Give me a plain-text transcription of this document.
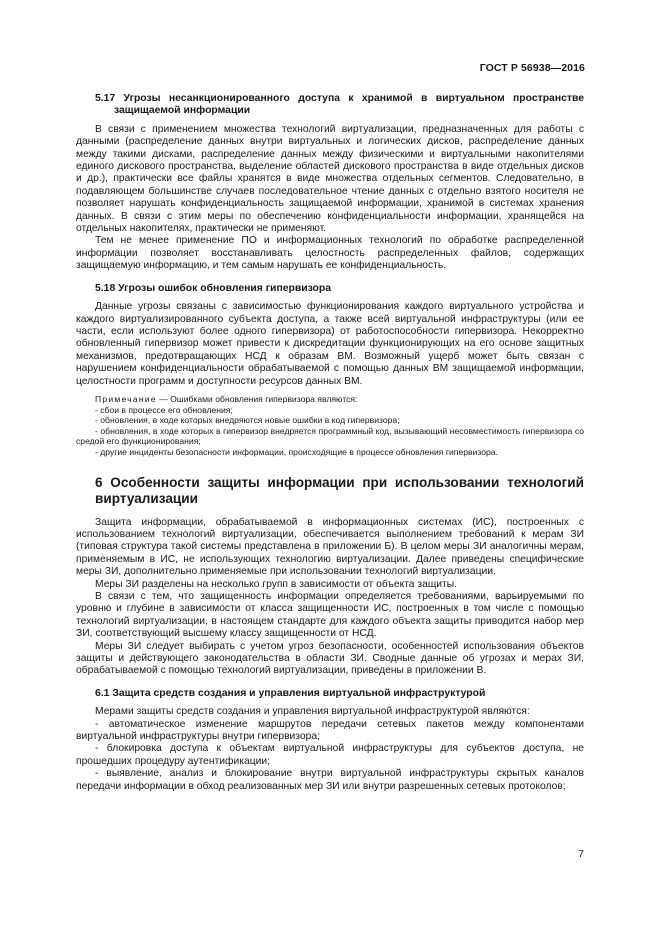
ГОСТ Р 56938—2016

5.17 Угрозы несанкционированного доступа к хранимой в виртуальном пространстве защищаемой информации

В связи с применением множества технологий виртуализации, предназначенных для работы с данными (распределение данных внутри виртуальных и логических дисков, распределение данных между такими дисками, распределение данных между физическими и виртуальными накопителями единого дискового пространства, выделение областей дискового пространства в виде отдельных дисков и др.), практически все файлы хранятся в виде множества отдельных сегментов. Следовательно, в подавляющем большинстве случаев последовательное чтение данных с отдельно взятого носителя не позволяет нарушать конфиденциальность защищаемой информации, хранимой в системах хранения данных. В связи с этим меры по обеспечению конфиденциальности информации, хранящейся на отдельных накопителях, практически не применяют.

Тем не менее применение ПО и информационных технологий по обработке распределенной информации позволяет восстанавливать целостность распределенных файлов, содержащих защищаемую информацию, и тем самым нарушать ее конфиденциальность.

5.18 Угрозы ошибок обновления гипервизора

Данные угрозы связаны с зависимостью функционирования каждого виртуального устройства и каждого виртуализированного субъекта доступа, а также всей виртуальной инфраструктуры (или ее части, если используют более одного гипервизора) от работоспособности гипервизора. Некорректно обновленный гипервизор может привести к дискредитации функционирующих на его основе защитных механизмов, предотвращающих НСД к образам ВМ. Возможный ущерб может быть связан с нарушением конфиденциальности обрабатываемой с помощью данных ВМ защищаемой информации, целостности программ и доступности ресурсов данных ВМ.

Примечание — Ошибками обновления гипервизора являются:
- сбои в процессе его обновления;
- обновления, в ходе которых внедряются новые ошибки в код гипервизора;
- обновления, в ходе которых в гипервизор внедряется программный код, вызывающий несовместимость гипервизора со средой его функционирования;
- другие инциденты безопасности информации, происходящие в процессе обновления гипервизора.

6 Особенности защиты информации при использовании технологий виртуализации

Защита информации, обрабатываемой в информационных системах (ИС), построенных с использованием технологий виртуализации, обеспечивается выполнением требований к мерам ЗИ (типовая структура такой системы представлена в приложении Б). В целом меры ЗИ аналогичны мерам, применяемым в ИС, не использующих технологию виртуализации. Далее приведены специфические меры ЗИ, дополнительно применяемые при использовании технологий виртуализации.

Меры ЗИ разделены на несколько групп в зависимости от объекта защиты.

В связи с тем, что защищенность информации определяется требованиями, варьируемыми по уровню и глубине в зависимости от класса защищенности ИС, построенных в том числе с помощью технологий виртуализации, в настоящем стандарте для каждого объекта защиты приводится набор мер ЗИ, соответствующий высшему классу защищенности от НСД.

Меры ЗИ следует выбирать с учетом угроз безопасности, особенностей использования объектов защиты и действующего законодательства в области ЗИ. Сводные данные об угрозах и мерах ЗИ, обрабатываемой с помощью технологий виртуализации, приведены в приложении В.

6.1 Защита средств создания и управления виртуальной инфраструктурой

Мерами защиты средств создания и управления виртуальной инфраструктурой являются:

- автоматическое изменение маршрутов передачи сетевых пакетов между компонентами виртуальной инфраструктуры внутри гипервизора;

- блокировка доступа к объектам виртуальной инфраструктуры для субъектов доступа, не прошедших процедуру аутентификации;

- выявление, анализ и блокирование внутри виртуальной инфраструктуры скрытых каналов передачи информации в обход реализованных мер ЗИ или внутри разрешенных сетевых протоколов;

7
